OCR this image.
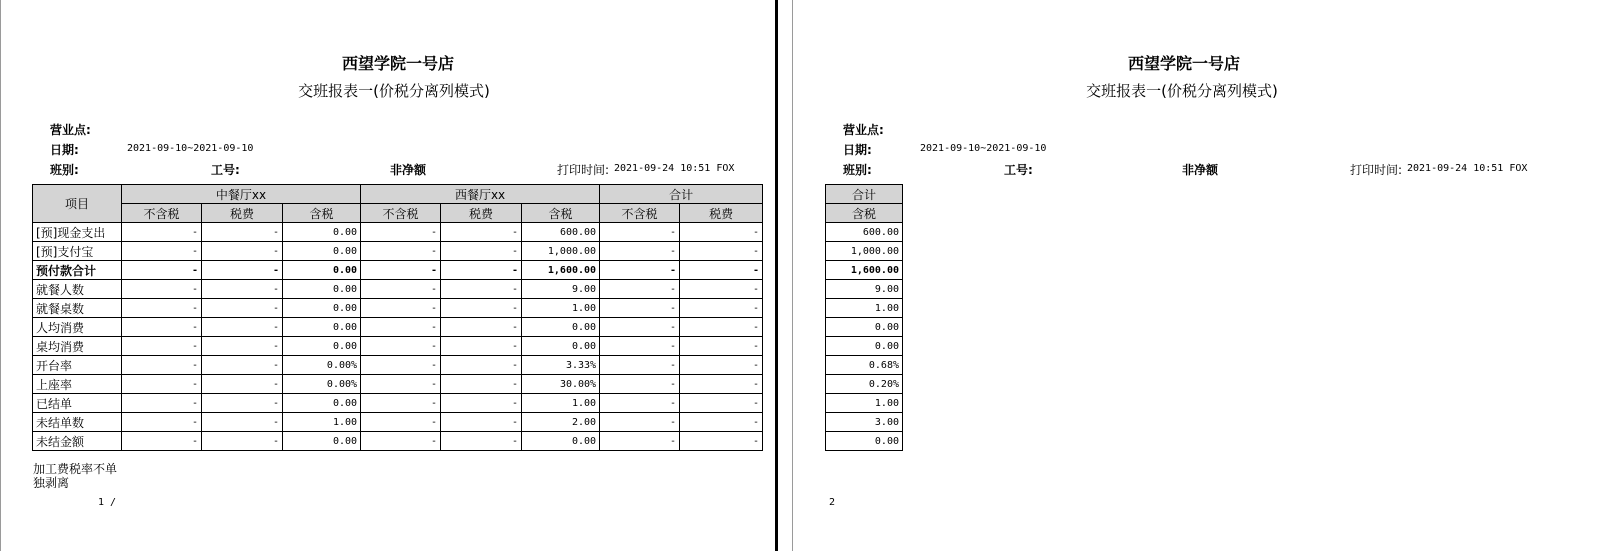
西望学院一号店
交班报表一(价税分离列模式)
营业点:
日期:	2021-09-10~2021-09-10
班别:	工号:	非净额	打印时间: 2021-09-24 10:51 FOX
项目	中餐厅xx			西餐厅xx			合计	
	不含税	税费	含税	不含税	税费	含税	不含税	税费
[预]现金支出	-	-	0.00	-	-	600.00	-	-
[预]支付宝	-	-	0.00	-	-	1,000.00	-	-
预付款合计	-	-	0.00	-	-	1,600.00	-	-
就餐人数	-	-	0.00	-	-	9.00	-	-
就餐桌数	-	-	0.00	-	-	1.00	-	-
人均消费	-	-	0.00	-	-	0.00	-	-
桌均消费	-	-	0.00	-	-	0.00	-	-
开台率	-	-	0.00%	-	-	3.33%	-	-
上座率	-	-	0.00%	-	-	30.00%	-	-
已结单	-	-	0.00	-	-	1.00	-	-
未结单数	-	-	1.00	-	-	2.00	-	-
未结金额	-	-	0.00	-	-	0.00	-	-
加工费税率不单独剥离
1 /
西望学院一号店
交班报表一(价税分离列模式)
营业点:
日期:	2021-09-10~2021-09-10
班别:	工号:	非净额	打印时间: 2021-09-24 10:51 FOX
合计
含税
600.00
1,000.00
1,600.00
9.00
1.00
0.00
0.00
0.68%
0.20%
1.00
3.00
0.00
2
